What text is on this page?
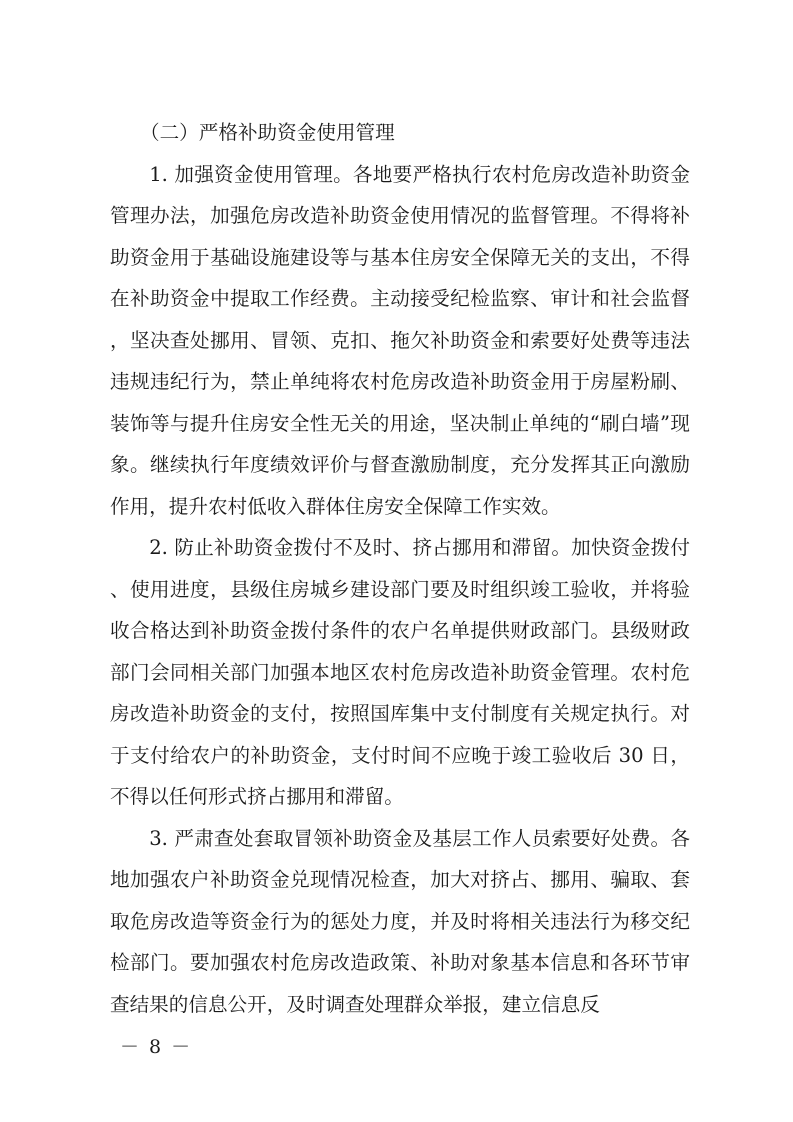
（二）严格补助资金使用管理

1. 加强资金使用管理。各地要严格执行农村危房改造补助资金管理办法，加强危房改造补助资金使用情况的监督管理。不得将补助资金用于基础设施建设等与基本住房安全保障无关的支出，不得在补助资金中提取工作经费。主动接受纪检监察、审计和社会监督，坚决查处挪用、冒领、克扣、拖欠补助资金和索要好处费等违法违规违纪行为，禁止单纯将农村危房改造补助资金用于房屋粉刷、装饰等与提升住房安全性无关的用途，坚决制止单纯的“刷白墙”现象。继续执行年度绩效评价与督查激励制度，充分发挥其正向激励作用，提升农村低收入群体住房安全保障工作实效。

2. 防止补助资金拨付不及时、挤占挪用和滞留。加快资金拨付、使用进度，县级住房城乡建设部门要及时组织竣工验收，并将验收合格达到补助资金拨付条件的农户名单提供财政部门。县级财政部门会同相关部门加强本地区农村危房改造补助资金管理。农村危房改造补助资金的支付，按照国库集中支付制度有关规定执行。对于支付给农户的补助资金，支付时间不应晚于竣工验收后 30 日，不得以任何形式挤占挪用和滞留。

3. 严肃查处套取冒领补助资金及基层工作人员索要好处费。各地加强农户补助资金兑现情况检查，加大对挤占、挪用、骗取、套取危房改造等资金行为的惩处力度，并及时将相关违法行为移交纪检部门。要加强农村危房改造政策、补助对象基本信息和各环节审查结果的信息公开，及时调查处理群众举报，建立信息反

－ 8 －
